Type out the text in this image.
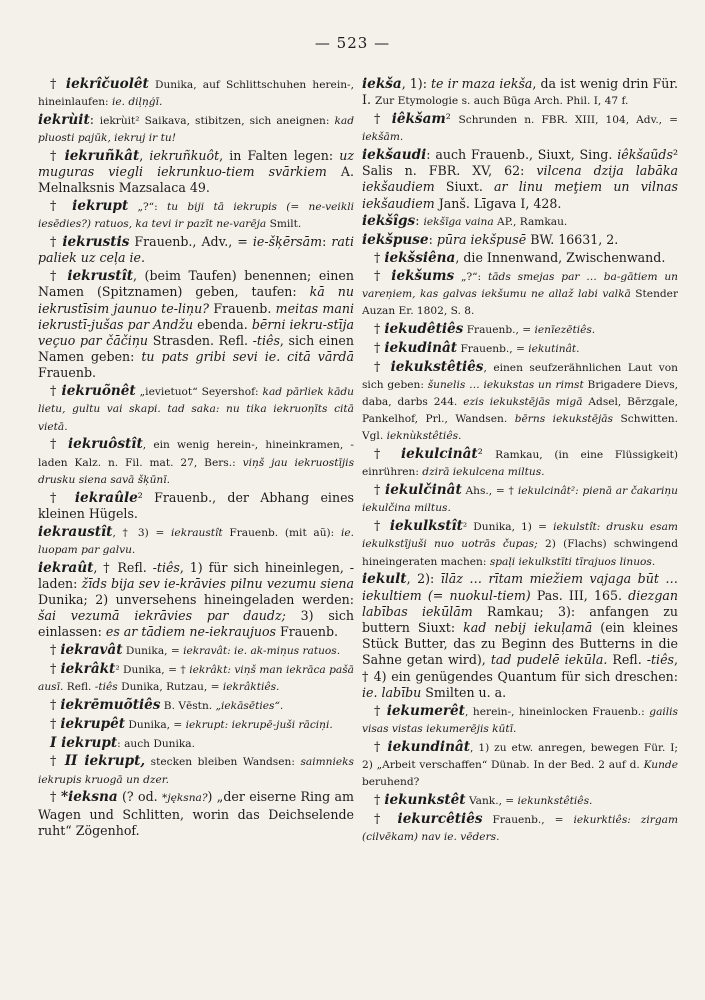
— 523 —

† iekrîčuolêt Dunika, auf Schlittschuhen herein-, hineinlaufen: ie. diļņģī.

iekrùit: iekrùit² Saikava, stibitzen, sich aneignen: kad pluosti pajūk, iekruj ir tu!

† iekruñkât, iekruñkuôt, in Falten legen: uz muguras viegli iekrunkuo-tiem svārkiem A. Melnalksnis Mazsalaca 49.

† iekrupt „?“: tu biji tā iekrupis (= ne-veikli iesēdies?) ratuos, ka tevi ir pazīt ne-varēja Smilt.

† iekrustis Frauenb., Adv., = ie-šķērsām: rati paliek uz ceļa ie.

† iekrustît, (beim Taufen) benennen; einen Namen (Spitznamen) geben, taufen: kā nu iekrustīsim jaunuo te-liņu? Frauenb. meitas mani iekrustī-jušas par Andžu ebenda. bērni iekru-stīja veçuo par čāčiņu Strasden. Refl. -tiês, sich einen Namen geben: tu pats gribi sevi ie. citā vārdā Frauenb.

† iekruõnêt „ievietuot“ Seyershof: kad pārliek kādu lietu, gultu vai skapi. tad saka: nu tika iekruoņīts citā vietā.

† iekruôstît, ein wenig herein-, hineinkramen, -laden Kalz. n. Fil. mat. 27, Bers.: viņš jau iekruostījis drusku siena savā šķūnī.

† iekraûle² Frauenb., der Abhang eines kleinen Hügels.

iekraustît, † 3) = iekraustît Frauenb. (mit aũ): ie. luopam par galvu.

iekraût, † Refl. -tiês, 1) für sich hineinlegen, -laden: žīds bija sev ie-krāvies pilnu vezumu siena Dunika; 2) unversehens hineingeladen werden: šai vezumā iekrāvies par daudz; 3) sich einlassen: es ar tādiem ne-iekraujuos Frauenb.

† iekravât Dunika, = iekravât: ie. ak-miņus ratuos.

† iekrâkt² Dunika, = † iekrâkt: viņš man iekrāca pašā ausī. Refl. -tiês Dunika, Rutzau, = iekrâktiês.

† iekrēmuõtiês B. Vēstn. „iekāsēties“.

† iekrupêt Dunika, = iekrupt: iekrupē-juši rāciņi.

I iekrupt: auch Dunika.

† II iekrupt, stecken bleiben Wandsen: saimnieks iekrupis kruogā un dzer.

† *ieksna (? od. *jęksna?) „der eiserne Ring am Wagen und Schlitten, worin das Deichselende ruht“ Zögenhof.

iekša, 1): te ir maza iekša, da ist wenig drin Für. I. Zur Etymologie s. auch Būga Arch. Phil. I, 47 f.

† iêkšam² Schrunden n. FBR. XIII, 104, Adv., = iekšām.

iekšaudi: auch Frauenb., Siuxt, Sing. iêkšaũds² Salis n. FBR. XV, 62: vilcena dzija labāka iekšaudiem Siuxt. ar linu meţiem un vilnas iekšaudiem Janš. Līgava I, 428.

iekšîgs: iekšīga vaina AP., Ramkau.

iekšpuse: pūra iekšpusē BW. 16631, 2.

† iekšsiêna, die Innenwand, Zwischenwand.

† iekšums „?“: tāds smejas par … ba-gātiem un vareņiem, kas galvas iekšumu ne allaž labi valkā Stender Auzan Er. 1802, S. 8.

† iekudêtiês Frauenb., = ienīezētiês.

† iekudinât Frauenb., = iekutinât.

† iekukstêtiês, einen seufzerähnlichen Laut von sich geben: šunelis … iekukstas un rimst Brigadere Dievs, daba, darbs 244. ezis iekukstējās migā Adsel, Bērzgale, Pankelhof, Prl., Wandsen. bērns iekukstējās Schwitten. Vgl. ieknùkstêtiês.

† iekulcinât² Ramkau, (in eine Flüssigkeit) einrühren: dzirā iekulcena miltus.

† iekulčinât Ahs., = † iekulcinât²: pienā ar čakariņu iekulčina miltus.

† iekulkstît² Dunika, 1) = iekulstît: drusku esam iekulkstījuši nuo uotrās čupas; 2) (Flachs) schwingend hineingeraten machen: spaļi iekulkstīti tīrajuos linuos.

iekult, 2): īlāz … rītam miežiem vajaga būt … iekultiem (= nuokul-tiem) Pas. III, 165. diezgan labības iekūlām Ramkau; 3): anfangen zu buttern Siuxt: kad nebij iekuļamā (ein kleines Stück Butter, das zu Beginn des Butterns in die Sahne getan wird), tad pudelē iekūla. Refl. -tiês, † 4) ein genügendes Quantum für sich dreschen: ie. labību Smilten u. a.

† iekumerêt, herein-, hineinlocken Frauenb.: gailis visas vistas iekumerējis kūtī.

† iekundinât, 1) zu etw. anregen, bewegen Für. I; 2) „Arbeit verschaffen“ Dünab. In der Bed. 2 auf d. Kunde beruhend?

† iekunkstêt Vank., = iekunkstêtiês.

† iekurcêtiês Frauenb., = iekurktiês: zirgam (cilvēkam) nav ie. vēders.
